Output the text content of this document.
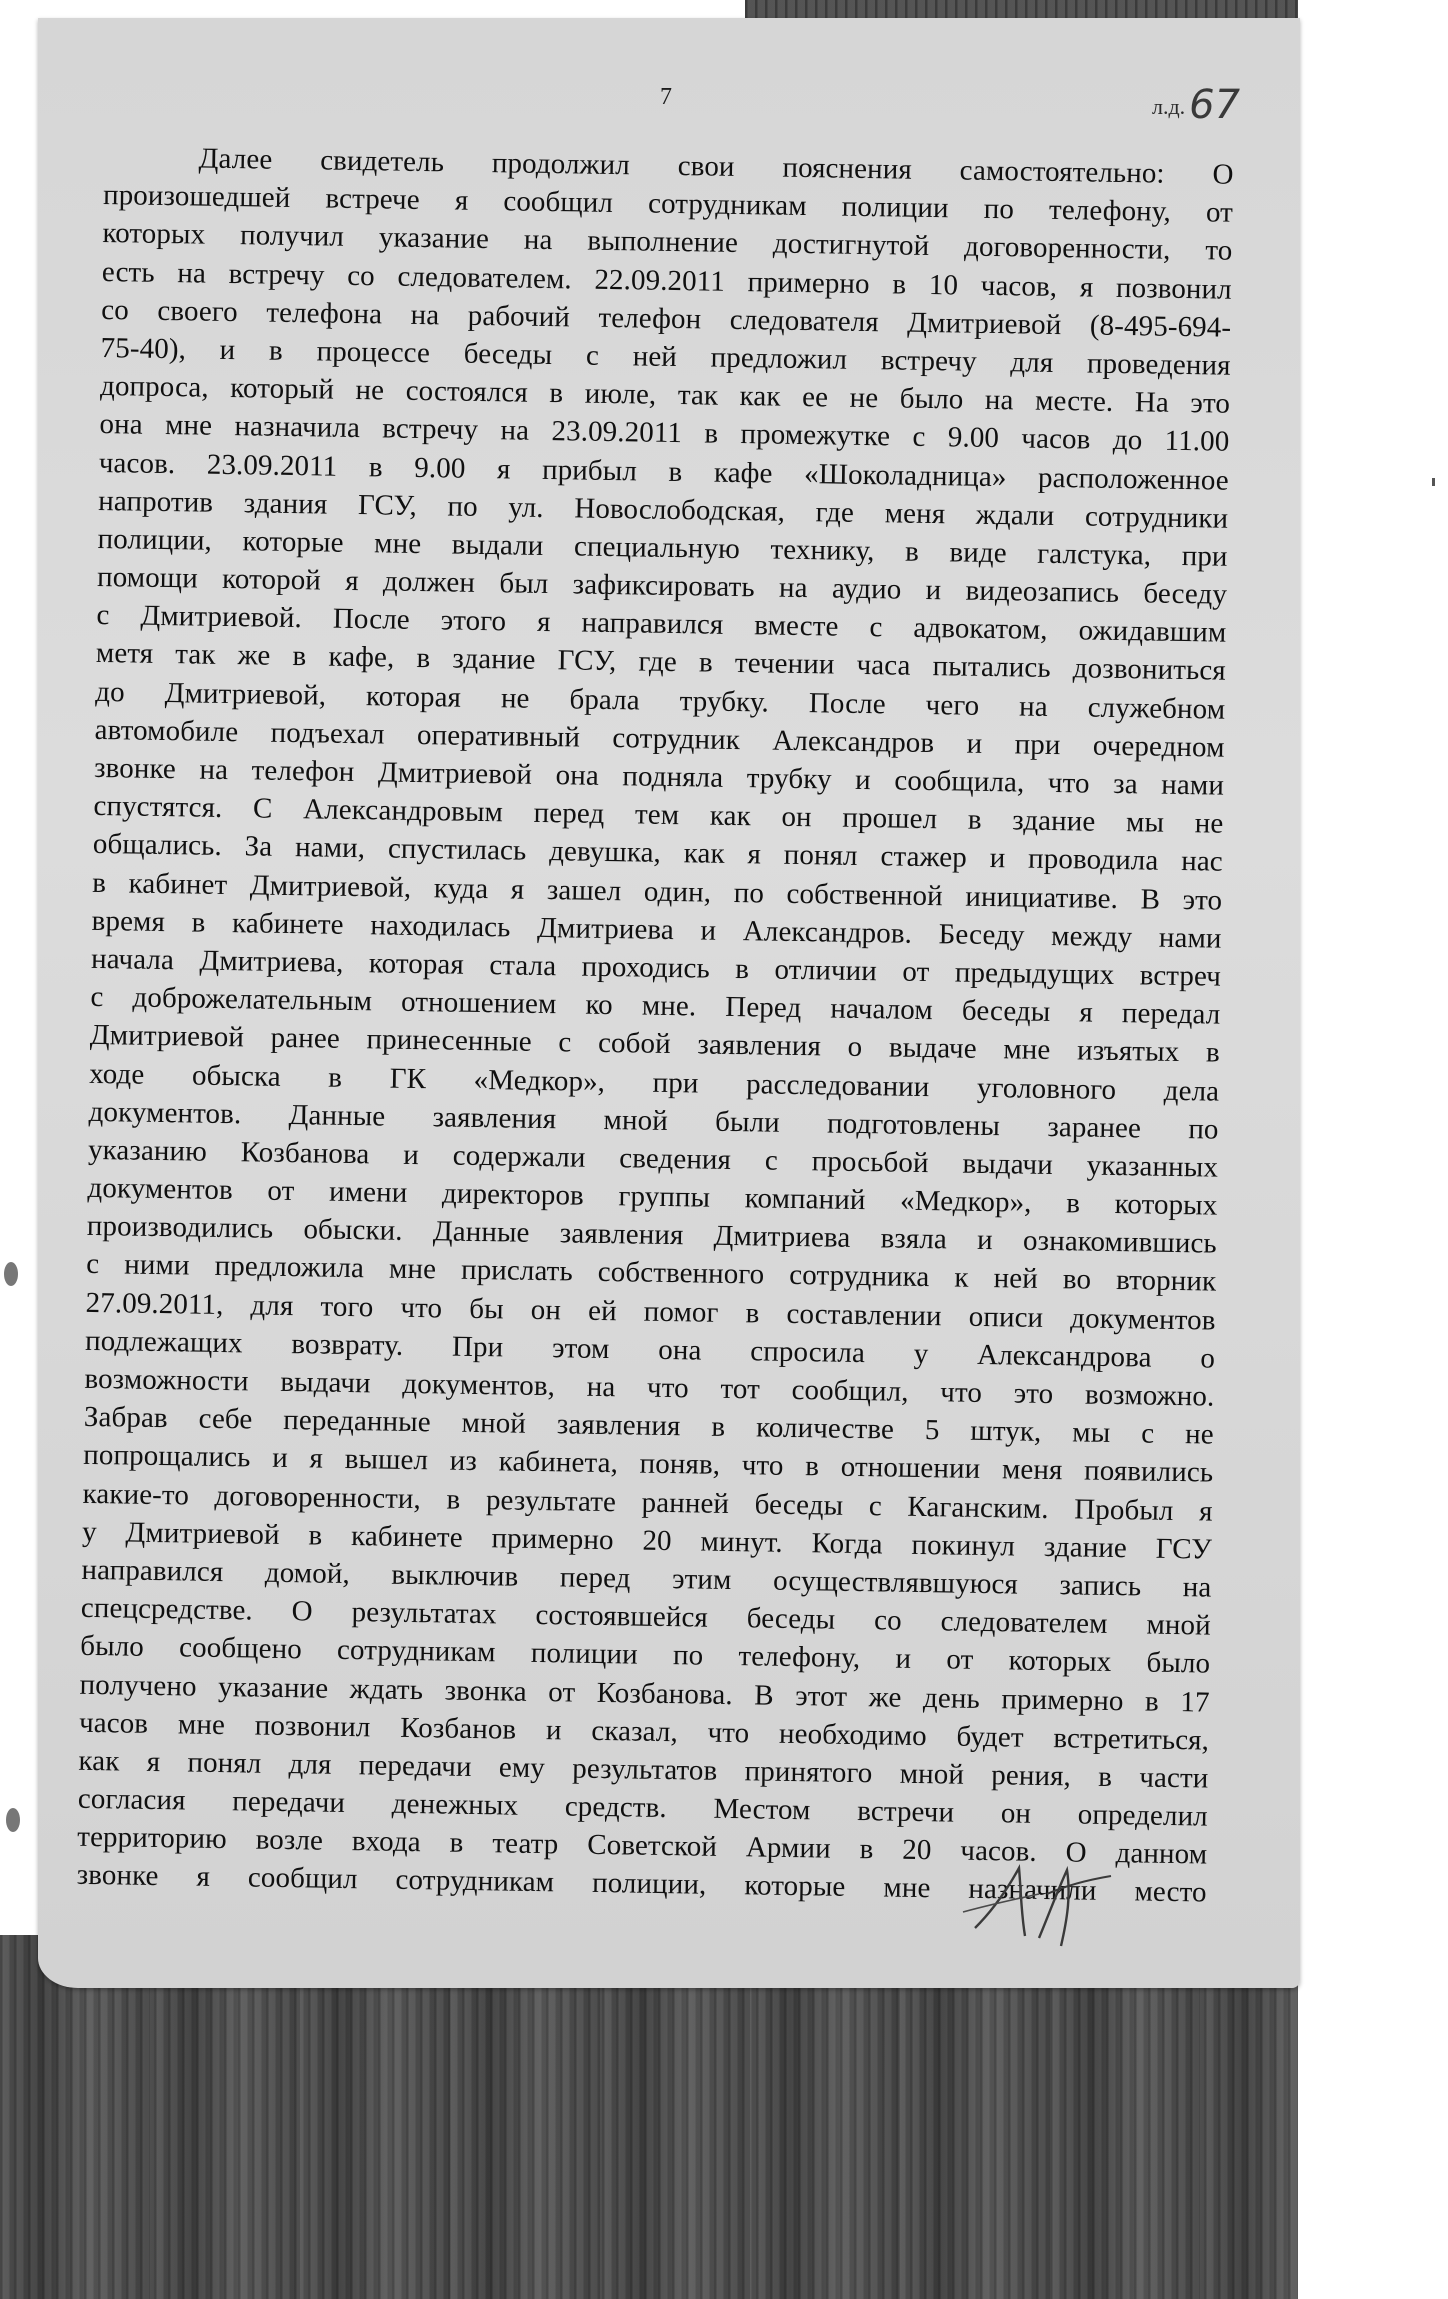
7	л.д. 67
Далее свидетель продолжил свои пояснения самостоятельно: О
произошедшей встрече я сообщил сотрудникам полиции по телефону, от
которых получил указание на выполнение достигнутой договоренности, то
есть на встречу со следователем. 22.09.2011 примерно в 10 часов, я позвонил
со своего телефона на рабочий телефон следователя Дмитриевой (8-495-694-
75-40), и в процессе беседы с ней предложил встречу для проведения
допроса, который не состоялся в июле, так как ее не было на месте. На это
она мне назначила встречу на 23.09.2011 в промежутке с 9.00 часов до 11.00
часов. 23.09.2011 в 9.00 я прибыл в кафе «Шоколадница» расположенное
напротив здания ГСУ, по ул. Новослободская, где меня ждали сотрудники
полиции, которые мне выдали специальную технику, в виде галстука, при
помощи которой я должен был зафиксировать на аудио и видеозапись беседу
с Дмитриевой. После этого я направился вместе с адвокатом, ожидавшим
метя так же в кафе, в здание ГСУ, где в течении часа пытались дозвониться
до Дмитриевой, которая не брала трубку. После чего на служебном
автомобиле подъехал оперативный сотрудник Александров и при очередном
звонке на телефон Дмитриевой она подняла трубку и сообщила, что за нами
спустятся. С Александровым перед тем как он прошел в здание мы не
общались. За нами, спустилась девушка, как я понял стажер и проводила нас
в кабинет Дмитриевой, куда я зашел один, по собственной инициативе. В это
время в кабинете находилась Дмитриева и Александров. Беседу между нами
начала Дмитриева, которая стала проходись в отличии от предыдущих встреч
с доброжелательным отношением ко мне. Перед началом беседы я передал
Дмитриевой ранее принесенные с собой заявления о выдаче мне изъятых в
ходе обыска в ГК «Медкор», при расследовании уголовного дела
документов. Данные заявления мной были подготовлены заранее по
указанию Козбанова и содержали сведения с просьбой выдачи указанных
документов от имени директоров группы компаний «Медкор», в которых
производились обыски. Данные заявления Дмитриева взяла и ознакомившись
с ними предложила мне прислать собственного сотрудника к ней во вторник
27.09.2011, для того что бы он ей помог в составлении описи документов
подлежащих возврату. При этом она спросила у Александрова о
возможности выдачи документов, на что тот сообщил, что это возможно.
Забрав себе переданные мной заявления в количестве 5 штук, мы с не
попрощались и я вышел из кабинета, поняв, что в отношении меня появились
какие-то договоренности, в результате ранней беседы с Каганским. Пробыл я
у Дмитриевой в кабинете примерно 20 минут. Когда покинул здание ГСУ
направился домой, выключив перед этим осуществлявшуюся запись на
спецсредстве. О результатах состоявшейся беседы со следователем мной
было сообщено сотрудникам полиции по телефону, и от которых было
получено указание ждать звонка от Козбанова. В этот же день примерно в 17
часов мне позвонил Козбанов и сказал, что необходимо будет встретиться,
как я понял для передачи ему результатов принятого мной рения, в части
согласия передачи денежных средств. Местом встречи он определил
территорию возле входа в театр Советской Армии в 20 часов. О данном
звонке я сообщил сотрудникам полиции, которые мне назначили место
